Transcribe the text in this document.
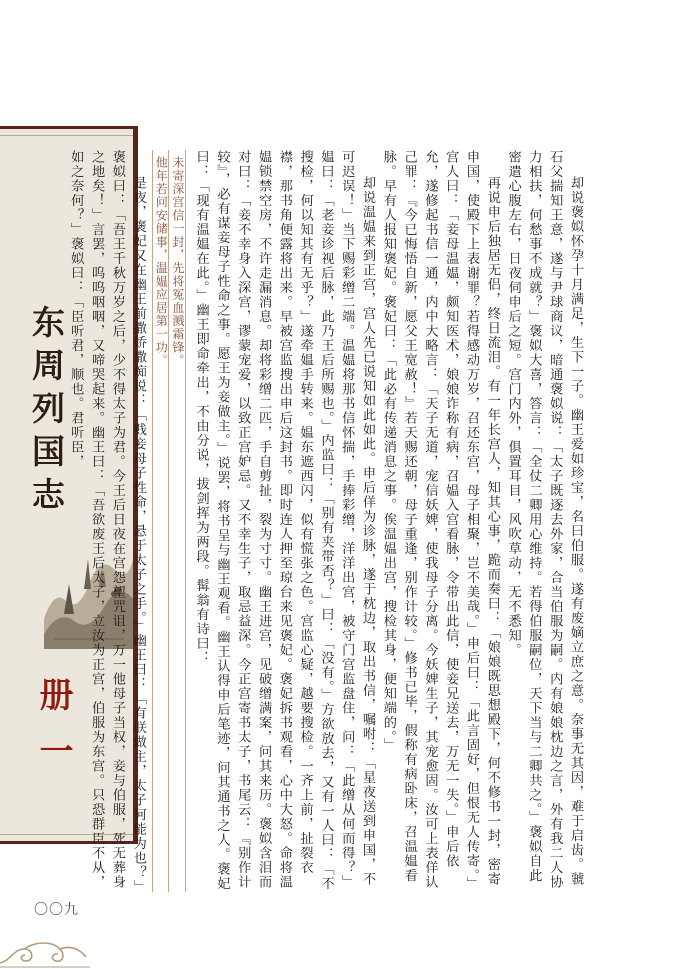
东周列国志
册一
〇〇九

却说褒姒怀孕十月满足，生下一子。幽王爱如珍宝，名曰伯服。遂有废嫡立庶之意。奈事无其因，难于启齿。虢石父揣知王意，遂与尹球商议，暗通褒姒说：「太子既逐去外家，合当伯服为嗣。内有娘娘枕边之言，外有我二人协力相扶，何愁事不成就？」褒姒大喜，答言：「全仗二卿用心维持。若得伯服嗣位，天下当与二卿共之。」褒姒自此密遣心腹左右，日夜伺申后之短。宫门内外，俱置耳目，风吹草动，无不悉知。

再说申后独居无侣，终日流泪。有一年长宫人，知其心事，跪而奏曰：「娘娘既思想殿下，何不修书一封，密寄申国，使殿下上表谢罪？若得感动万岁，召还东宫，母子相聚，岂不美哉。」申后曰：「此言固好，但恨无人传寄。」宫人曰：「妾母温媪，颇知医术，娘娘诈称有病，召媪入宫看脉，令带出此信，使妾兄送去，万无一失。」申后依允，遂修起书信一通，内中大略言：「天子无道，宠信妖婢，使我母子分离。今妖婢生子，其宠愈固。汝可上表佯认己罪：『今已悔悟自新，愿父王宽赦！』若天赐还朝，母子重逢，别作计较。」修书已毕，假称有病卧床，召温媪看脉。早有人报知褒妃。褒妃曰：「此必有传递消息之事。俟温媪出宫，搜检其身，便知端的。」

却说温媪来到正宫，宫人先已说知如此如此。申后佯为诊脉，遂于枕边，取出书信，嘱咐：「星夜送到申国，不可迟误！」当下赐彩缯二端。温媪将那书信怀揣，手捧彩缯，洋洋出宫，被守门宫监盘住，问：「此缯从何而得？」媪曰：「老妾诊视后脉，此乃王后所赐也。」内监曰：「别有夹带否？」曰：「没有。」方欲放去，又有一人曰：「不搜检，何以知其有无乎？」遂牵媪手转来。媪东遮西闪，似有慌张之色。宫监心疑，越要搜检。一齐上前，扯裂衣襟，那书角便露将出来。早被宫监搜出申后这封书。即时连人押至琼台来见褒妃。褒妃拆书观看，心中大怒。命将温媪锁禁空房，不许走漏消息。却将彩缯二匹，手自剪扯，裂为寸寸。幽王进宫，见破缯满案，问其来历。褒姒含泪而对曰：「妾不幸身入深宫，谬蒙宠爱，以致正宫妒忌。又不幸生子，取忌益深。今正宫寄书太子，书尾云：『别作计较』，必有谋妾母子性命之事。愿王为妾做主。」说罢，将书呈与幽王观看。幽王认得申后笔迹，问其通书之人。褒妃曰：「现有温媪在此。」幽王即命牵出，不由分说，拔剑挥为两段。髯翁有诗曰：

未寄深宫信一封，先将冤血溅霜锋。
他年若问安储事，温媪应居第一功。

是夜，褒妃又在幽王前撒娇撒痴说：「贱妾母子性命，悬于太子之手。」幽王曰：「有朕做主，太子何能为也？」褒姒曰：「吾王千秋万岁之后，少不得太子为君。今王后日夜在宫怨望咒诅，万一他母子当权，妾与伯服，死无葬身之地矣！」言罢，呜呜咽咽，又啼哭起来。幽王曰：「吾欲废王后太子，立汝为正宫，伯服为东宫。只恐群臣不从，如之奈何？」褒姒曰：「臣听君，顺也。君听臣，
